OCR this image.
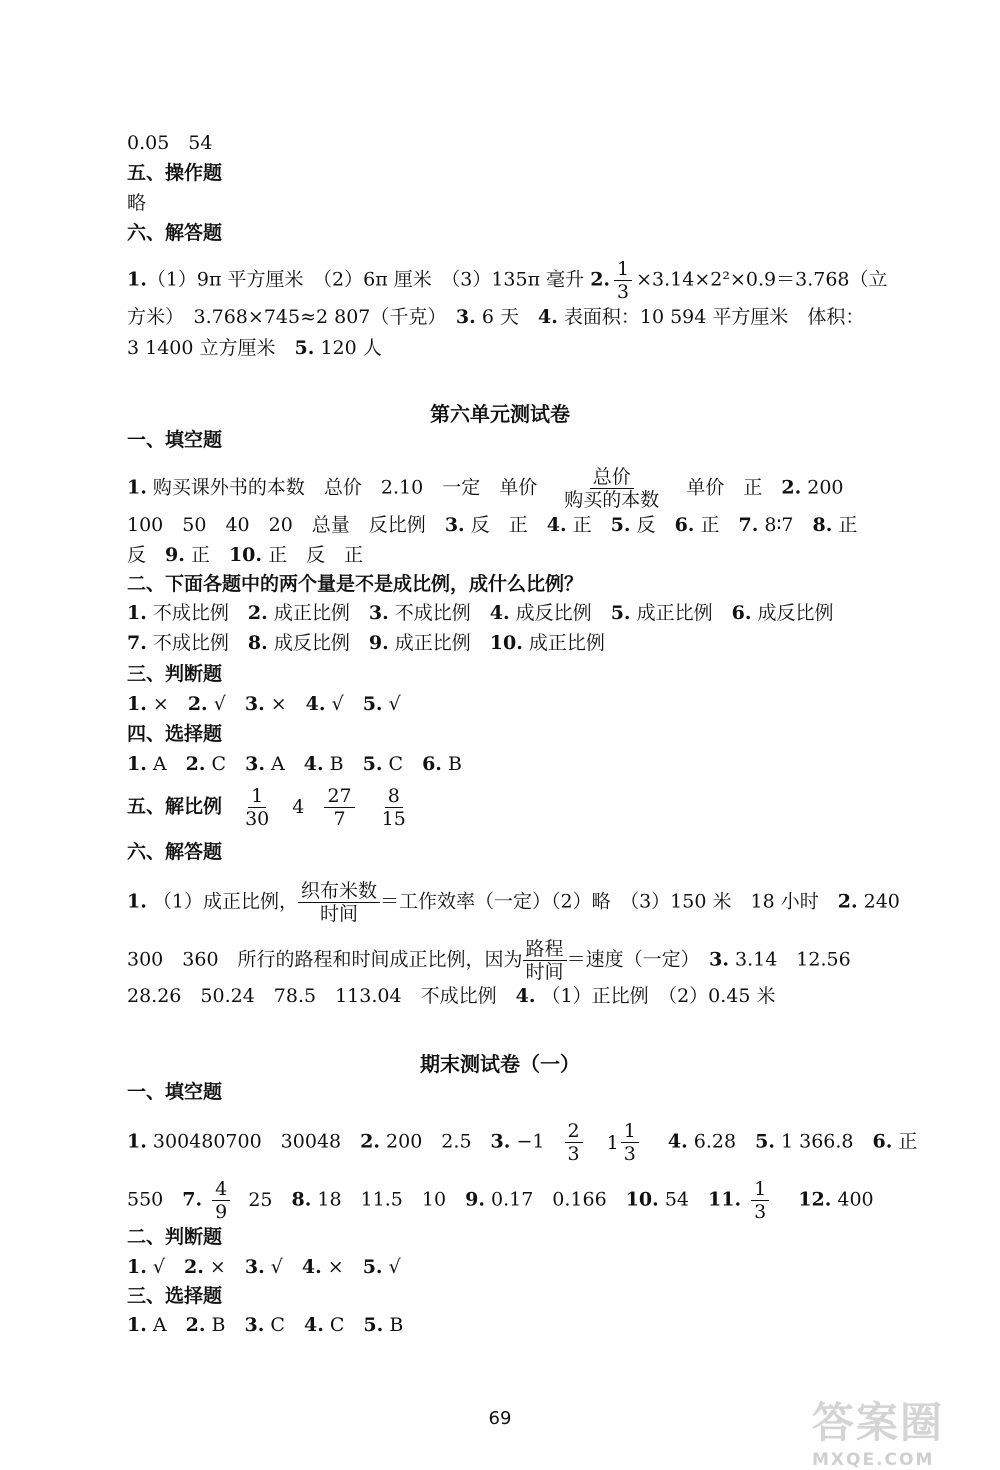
0.05　54
五、操作题
略
六、解答题
1.（1）9π 平方厘米　（2）6π 厘米　（3）135π 毫升 2. $\frac{1}{3} \times 3.14\times 2^2\times 0.9=3.768$（立
方米）　3.768×745≈2 807（千克）　 3. 6 天　 4. 表面积：10 594 平方厘米　体积：
3 1400 立方厘米　 5. 120 人
第六单元测试卷
一、填空题
1. 购买课外书的本数　总价　2.10　一定　单价 $\frac{\text{总价}}{\text{购买的本数}}$ 单价　正　 2. 200
100　50　40　20　总量　反比例　 3. 反　正　 4. 正　 5. 反　 6. 正　 7. 8∶7　 8. 正
反　 9. 正　 10. 正　反　正
二、下面各题中的两个量是不是成比例，成什么比例？
1. 不成比例　 2. 成正比例　 3. 不成比例　 4. 成反比例　 5. 成正比例　 6. 成反比例
7. 不成比例　 8. 成反比例　 9. 成正比例　 10. 成正比例
三、判断题
1. ×　 2. √　 3. ×　 4. √　 5. √
四、选择题
1. A　 2. C　 3. A　 4. B　 5. C　 6. B
五、解比例 $\frac{1}{30} 4 \frac{27}{7}$
$\frac{8}{15}$
六、解答题
1. （1）成正比例， $\frac{\text{织布米数}}{\text{时间}}$ ＝工作效率（一定）（2）略　（3）150 米　18 小时　 2. 240
300　360　所行的路程和时间成正比例，因为 $\frac{\text{路程}}{\text{时间}}$ ＝速度（一定）　 3. 3.14　12.56
28.26　50.24　78.5　113.04　不成比例　 4. （1）正比例　（2）0.45 米
期末测试卷（一）
一、填空题
1. 300480700　30048　 2. 200　2.5　 3. $-1 \frac{2}{3}$
$1 \frac{1}{3}$
　 4. 6.28　 5. 1 366.8　 6. 正
550　 7. $\frac{4}{9} 25$　 8. 18　11.5　10　 9. 0.17　0.166　 10. 54　 11. $\frac{1}{3}$
　 12. 400
二、判断题
1. √　 2. ×　 3. √　 4. ×　 5. √
三、选择题
1. A　 2. B　 3. C　 4. C　 5. B
69	答案圈
MXQE.COM
